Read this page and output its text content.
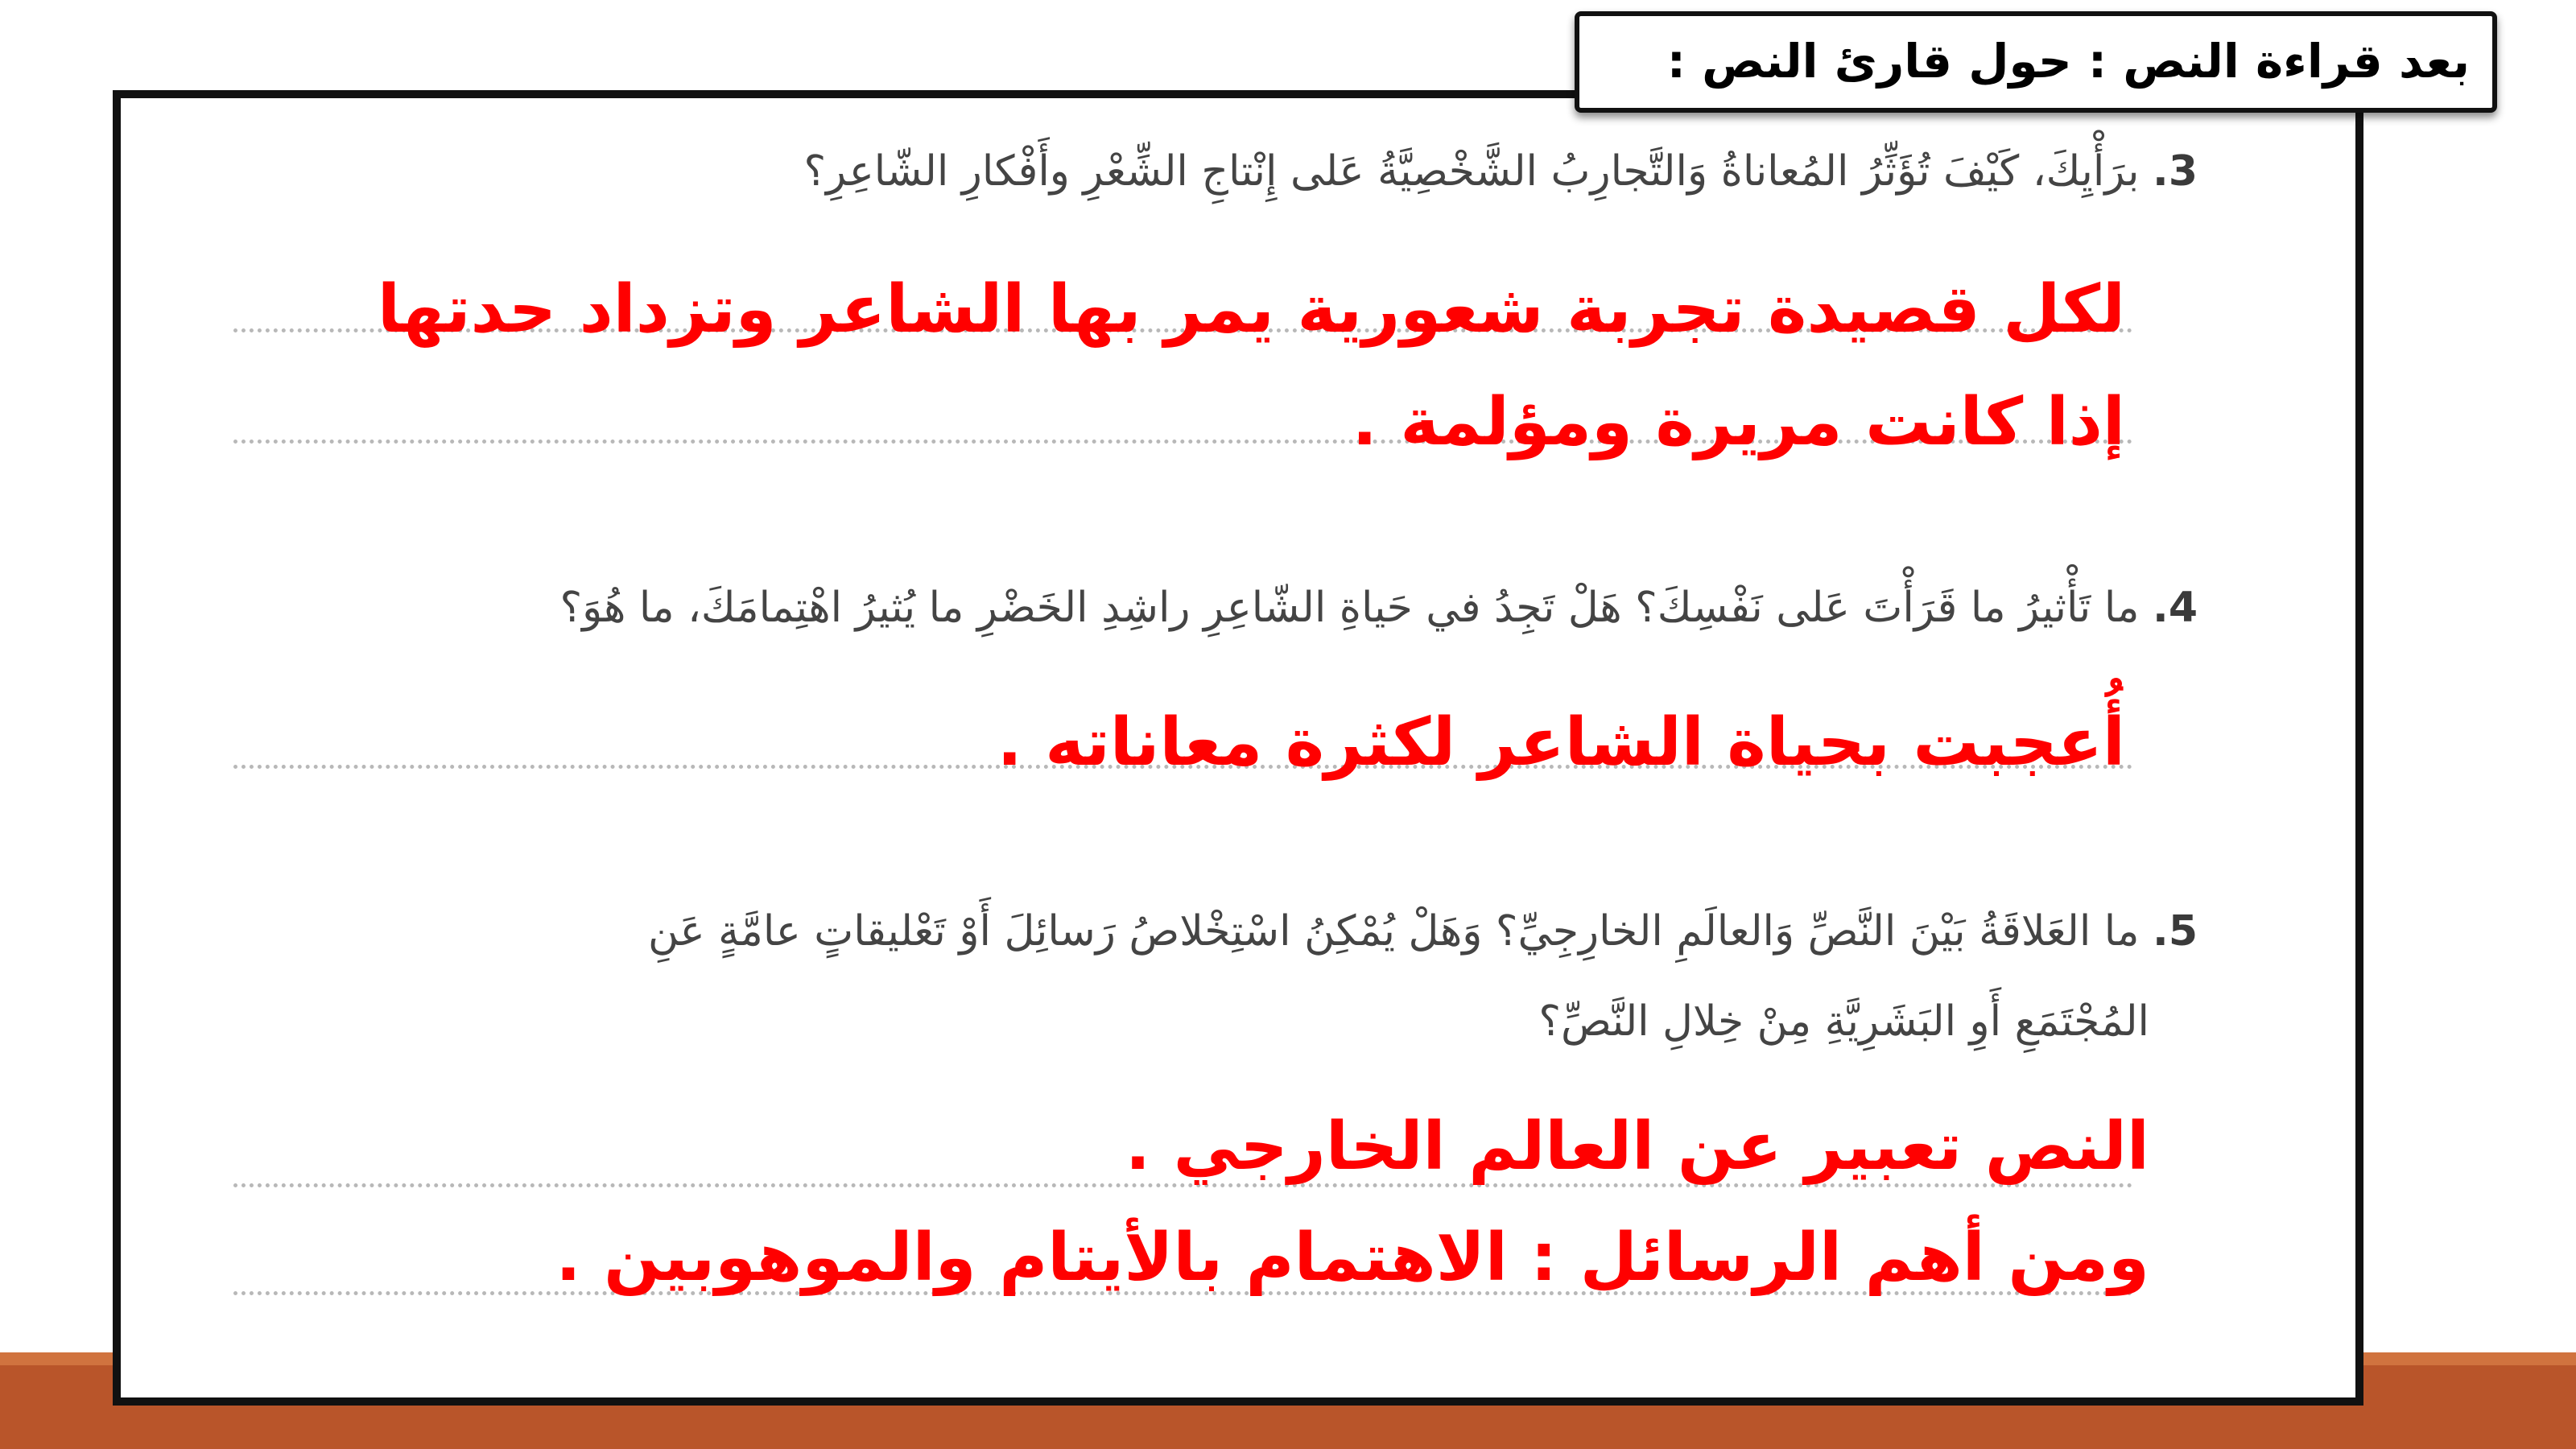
بعد قراءة النص : حول قارئ النص :
3. برَأْيِكَ، كَيْفَ تُؤَثِّرُ المُعاناةُ وَالتَّجارِبُ الشَّخْصِيَّةُ عَلى إِنْتاجِ الشِّعْرِ وأَفْكارِ الشّاعِرِ؟
لكل قصيدة تجربة شعورية يمر بها الشاعر وتزداد حدتها
إذا كانت مريرة ومؤلمة .
4. ما تَأْثيرُ ما قَرَأْتَ عَلى نَفْسِكَ؟ هَلْ تَجِدُ في حَياةِ الشّاعِرِ راشِدِ الخَضْرِ ما يُثيرُ اهْتِمامَكَ، ما هُوَ؟
أُعجبت بحياة الشاعر لكثرة معاناته .
5. ما العَلاقَةُ بَيْنَ النَّصِّ وَالعالَمِ الخارِجِيِّ؟ وَهَلْ يُمْكِنُ اسْتِخْلاصُ رَسائِلَ أَوْ تَعْليقاتٍ عامَّةٍ عَنِ
المُجْتَمَعِ أَوِ البَشَرِيَّةِ مِنْ خِلالِ النَّصِّ؟
النص تعبير عن العالم الخارجي .
ومن أهم الرسائل : الاهتمام بالأيتام والموهوبين .
